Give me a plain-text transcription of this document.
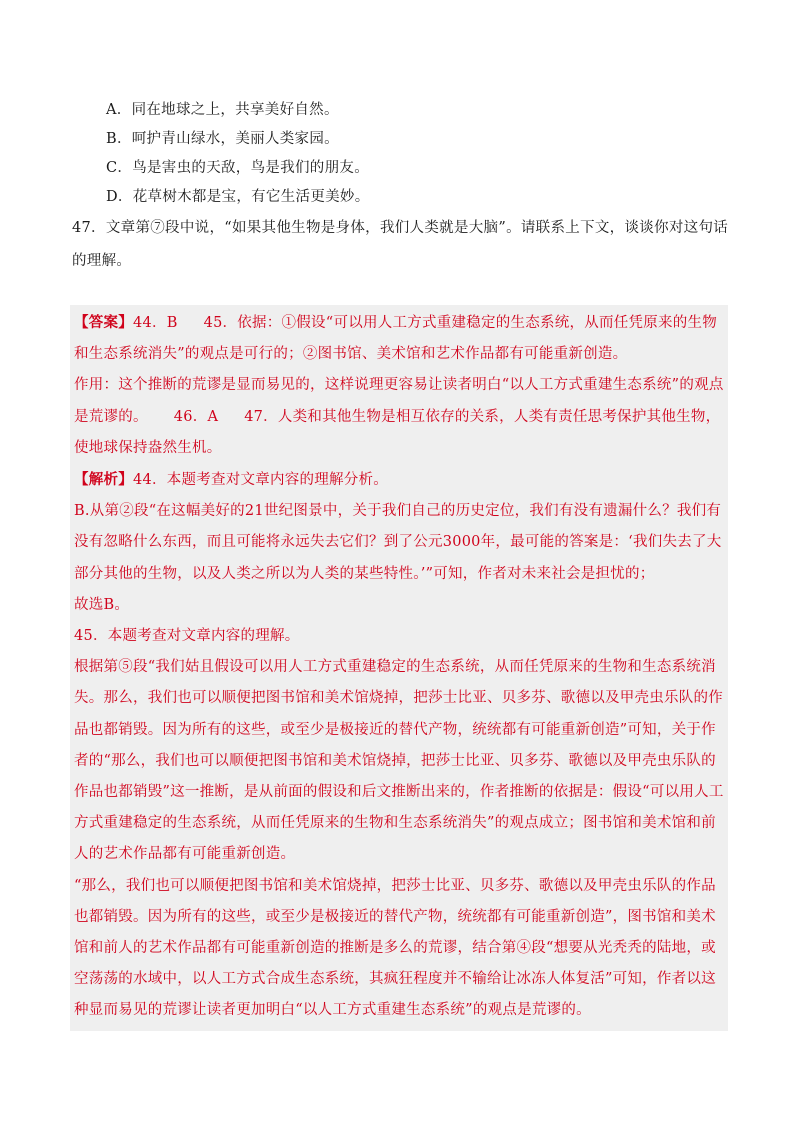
A．同在地球之上，共享美好自然。
B．呵护青山绿水，美丽人类家园。
C．鸟是害虫的天敌，鸟是我们的朋友。
D．花草树木都是宝，有它生活更美妙。
47．文章第⑦段中说，“如果其他生物是身体，我们人类就是大脑”。请联系上下文，谈谈你对这句话的理解。

【答案】44．B 45．依据：①假设“可以用人工方式重建稳定的生态系统，从而任凭原来的生物和生态系统消失”的观点是可行的；②图书馆、美术馆和艺术作品都有可能重新创造。

作用：这个推断的荒谬是显而易见的，这样说理更容易让读者明白“以人工方式重建生态系统”的观点是荒谬的。 46．A 47．人类和其他生物是相互依存的关系，人类有责任思考保护其他生物，使地球保持盎然生机。

【解析】44．本题考查对文章内容的理解分析。

B.从第②段“在这幅美好的21世纪图景中，关于我们自己的历史定位，我们有没有遗漏什么？我们有没有忽略什么东西，而且可能将永远失去它们？到了公元3000年，最可能的答案是：‘我们失去了大部分其他的生物，以及人类之所以为人类的某些特性。’”可知，作者对未来社会是担忧的；

故选B。

45．本题考查对文章内容的理解。

根据第⑤段“我们姑且假设可以用人工方式重建稳定的生态系统，从而任凭原来的生物和生态系统消失。那么，我们也可以顺便把图书馆和美术馆烧掉，把莎士比亚、贝多芬、歌德以及甲壳虫乐队的作品也都销毁。因为所有的这些，或至少是极接近的替代产物，统统都有可能重新创造”可知，关于作者的“那么，我们也可以顺便把图书馆和美术馆烧掉，把莎士比亚、贝多芬、歌德以及甲壳虫乐队的作品也都销毁”这一推断，是从前面的假设和后文推断出来的，作者推断的依据是：假设“可以用人工方式重建稳定的生态系统，从而任凭原来的生物和生态系统消失”的观点成立；图书馆和美术馆和前人的艺术作品都有可能重新创造。

“那么，我们也可以顺便把图书馆和美术馆烧掉，把莎士比亚、贝多芬、歌德以及甲壳虫乐队的作品也都销毁。因为所有的这些，或至少是极接近的替代产物，统统都有可能重新创造”，图书馆和美术馆和前人的艺术作品都有可能重新创造的推断是多么的荒谬，结合第④段“想要从光秃秃的陆地，或空荡荡的水域中，以人工方式合成生态系统，其疯狂程度并不输给让冰冻人体复活”可知，作者以这种显而易见的荒谬让读者更加明白“以人工方式重建生态系统”的观点是荒谬的。
